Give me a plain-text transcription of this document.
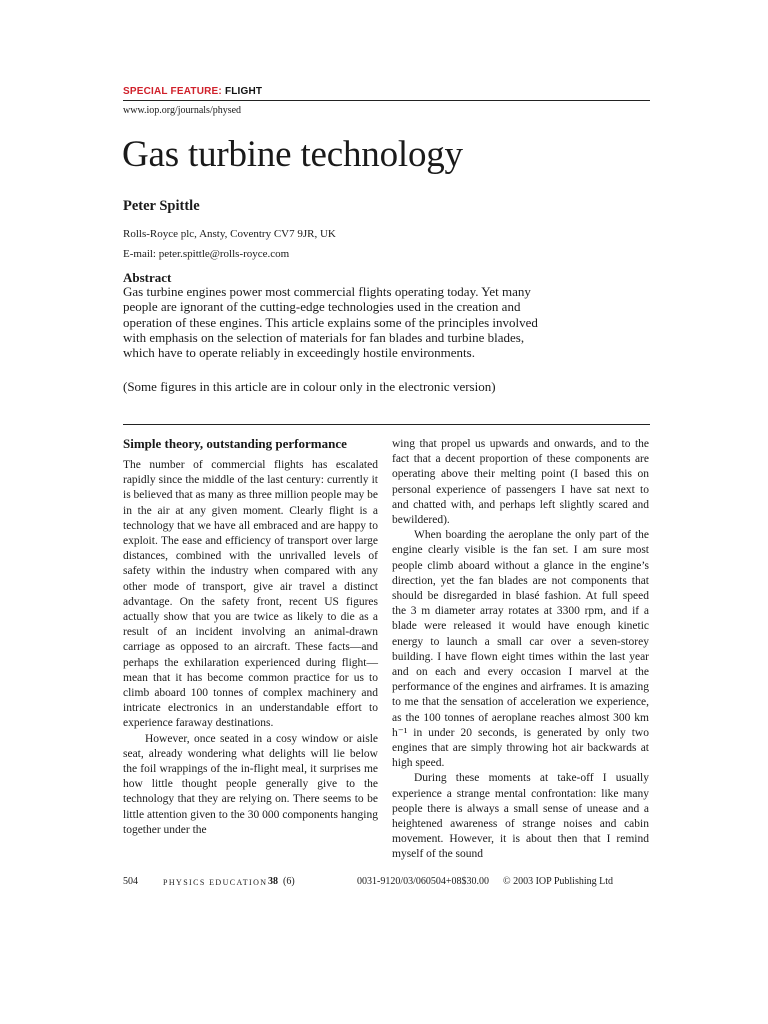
SPECIAL FEATURE: FLIGHT
www.iop.org/journals/physed
Gas turbine technology
Peter Spittle
Rolls-Royce plc, Ansty, Coventry CV7 9JR, UK
E-mail: peter.spittle@rolls-royce.com
Abstract

Gas turbine engines power most commercial flights operating today. Yet many people are ignorant of the cutting-edge technologies used in the creation and operation of these engines. This article explains some of the principles involved with emphasis on the selection of materials for fan blades and turbine blades, which have to operate reliably in exceedingly hostile environments.

(Some figures in this article are in colour only in the electronic version)
Simple theory, outstanding performance

The number of commercial flights has escalated rapidly since the middle of the last century: currently it is believed that as many as three million people may be in the air at any given moment. Clearly flight is a technology that we have all embraced and are happy to exploit. The ease and efficiency of transport over large distances, combined with the unrivalled levels of safety within the industry when compared with any other mode of transport, give air travel a distinct advantage. On the safety front, recent US figures actually show that you are twice as likely to die as a result of an incident involving an animal-drawn carriage as opposed to an aircraft. These facts—and perhaps the exhilaration experienced during flight—mean that it has become common practice for us to climb aboard 100 tonnes of complex machinery and intricate electronics in an understandable effort to experience faraway destinations.

However, once seated in a cosy window or aisle seat, already wondering what delights will lie below the foil wrappings of the in-flight meal, it surprises me how little thought people generally give to the technology that they are relying on. There seems to be little attention given to the 30 000 components hanging together under the

wing that propel us upwards and onwards, and to the fact that a decent proportion of these components are operating above their melting point (I based this on personal experience of passengers I have sat next to and chatted with, and perhaps left slightly scared and bewildered).

When boarding the aeroplane the only part of the engine clearly visible is the fan set. I am sure most people climb aboard without a glance in the engine’s direction, yet the fan blades are not components that should be disregarded in blasé fashion. At full speed the 3 m diameter array rotates at 3300 rpm, and if a blade were released it would have enough kinetic energy to launch a small car over a seven-storey building. I have flown eight times within the last year and on each and every occasion I marvel at the performance of the engines and airframes. It is amazing to me that the sensation of acceleration we experience, as the 100 tonnes of aeroplane reaches almost 300 km h⁻¹ in under 20 seconds, is generated by only two engines that are simply throwing hot air backwards at high speed.

During these moments at take-off I usually experience a strange mental confrontation: like many people there is always a small sense of unease and a heightened awareness of strange noises and cabin movement. However, it is about then that I remind myself of the sound

504	PHYSICS EDUCATION 38 (6)	0031-9120/03/060504+08$30.00 © 2003 IOP Publishing Ltd
